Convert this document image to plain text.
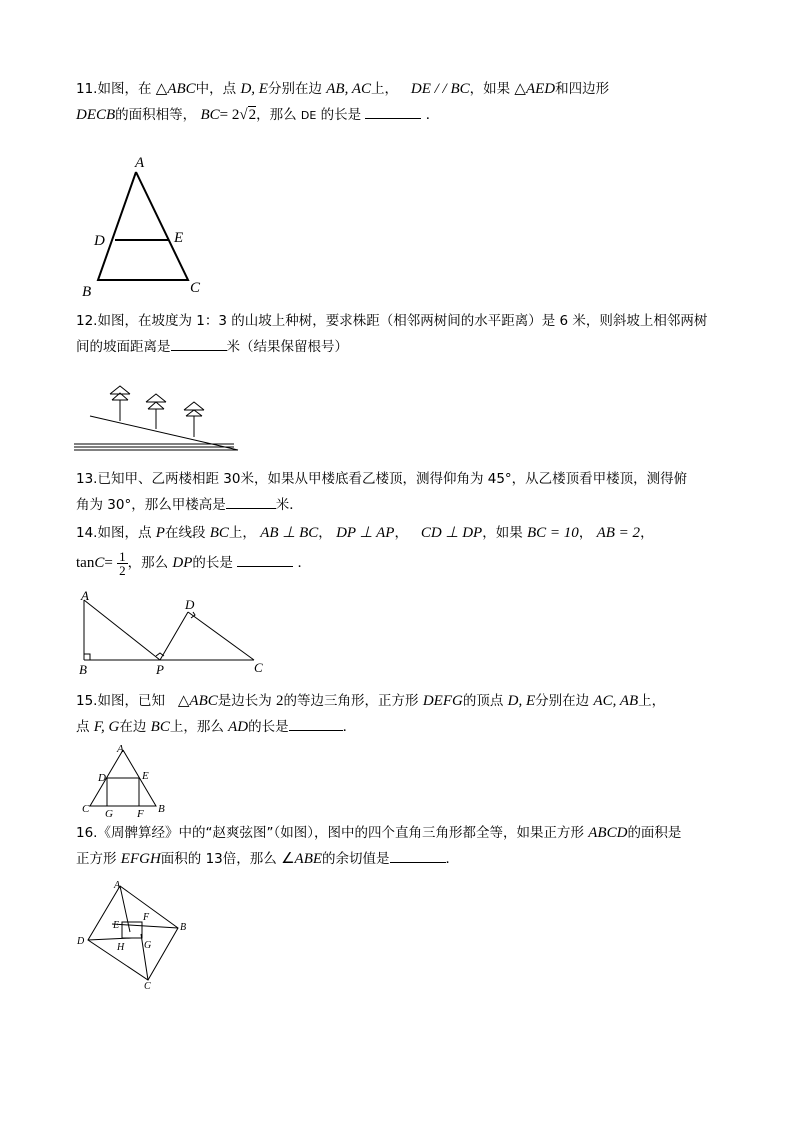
11.如图，在 △ABC中，点 D, E分别在边 AB, AC上， DE / / BC，如果 △AED和四边形
DECB的面积相等， BC= 2√2，那么 DE 的长是	．
A
D	E
B	C
12.如图，在坡度为 1：3 的山坡上种树，要求株距（相邻两树间的水平距离）是 6 米，则斜坡上相邻两树
间的坡面距离是	米（结果保留根号）
13.已知甲、乙两楼相距 30米，如果从甲楼底看乙楼顶，测得仰角为 45°，从乙楼顶看甲楼顶，测得俯
角为 30°，那么甲楼高是	米．
14.如图，点 P在线段 BC上， AB ⊥ BC， DP ⊥ AP， CD ⊥ DP，如果 BC = 10， AB = 2，
$\tan C= \frac{1}{2}$ ，那么 DP的长是	．
A
B	P
D
C
15.如图，已知 △ABC是边长为 2的等边三角形，正方形 DEFG的顶点 D, E分别在边 AC, AB上，
点 F, G在边 BC上，那么 AD的长是	．
A
D	E
C G F B
16.《周髀算经》中的“赵爽弦图”（如图），图中的四个直角三角形都全等，如果正方形 ABCD的面积是
正方形 EFGH面积的 13倍，那么 ∠ABE的余切值是	．
A
E
F
B
D
H G
C
